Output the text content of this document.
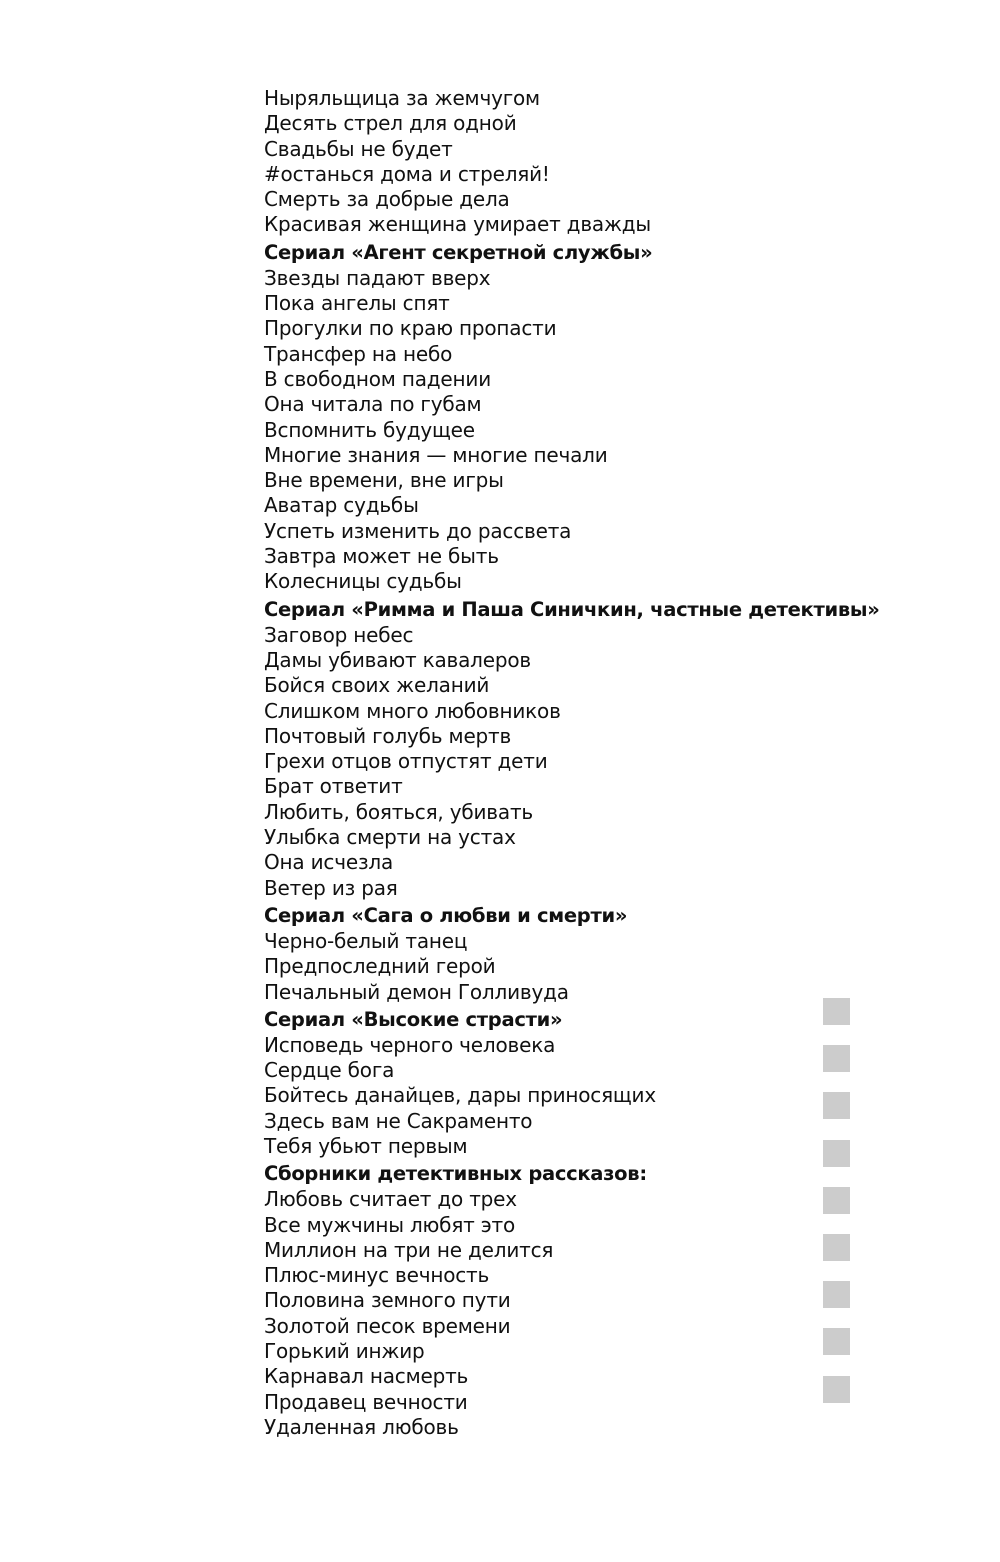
Ныряльщица за жемчугом
Десять стрел для одной
Свадьбы не будет
#останься дома и стреляй!
Смерть за добрые дела
Красивая женщина умирает дважды
Сериал «Агент секретной службы»
Звезды падают вверх
Пока ангелы спят
Прогулки по краю пропасти
Трансфер на небо
В свободном падении
Она читала по губам
Вспомнить будущее
Многие знания — многие печали
Вне времени, вне игры
Аватар судьбы
Успеть изменить до рассвета
Завтра может не быть
Колесницы судьбы
Сериал «Римма и Паша Синичкин, частные детективы»
Заговор небес
Дамы убивают кавалеров
Бойся своих желаний
Слишком много любовников
Почтовый голубь мертв
Грехи отцов отпустят дети
Брат ответит
Любить, бояться, убивать
Улыбка смерти на устах
Она исчезла
Ветер из рая
Сериал «Сага о любви и смерти»
Черно-белый танец
Предпоследний герой
Печальный демон Голливуда
Сериал «Высокие страсти»
Исповедь черного человека
Сердце бога
Бойтесь данайцев, дары приносящих
Здесь вам не Сакраменто
Тебя убьют первым
Сборники детективных рассказов:
Любовь считает до трех
Все мужчины любят это
Миллион на три не делится
Плюс-минус вечность
Половина земного пути
Золотой песок времени
Горький инжир
Карнавал насмерть
Продавец вечности
Удаленная любовь
